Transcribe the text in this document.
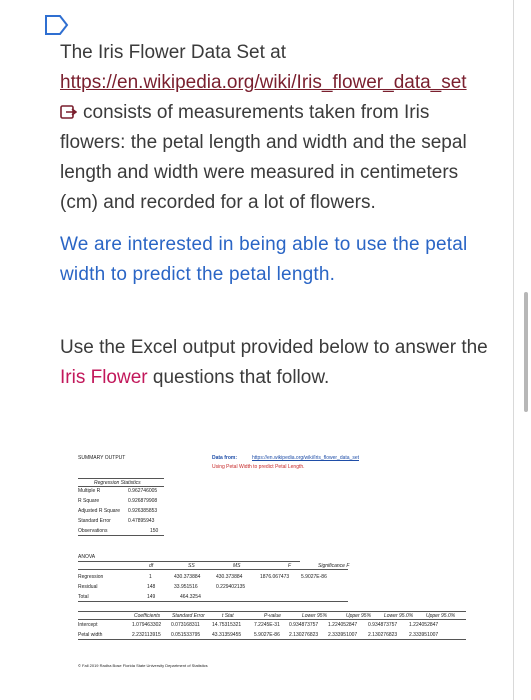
The Iris Flower Data Set at
https://en.wikipedia.org/wiki/Iris_flower_data_set
consists of measurements taken from Iris flowers: the petal length and width and the sepal length and width were measured in centimeters (cm) and recorded for a lot of flowers.
We are interested in being able to use the petal width to predict the petal length.
Use the Excel output provided below to answer the Iris Flower questions that follow.
SUMMARY OUTPUT	Data from:	https://en.wikipedia.org/wiki/Iris_flower_data_set
Using Petal Width to predict Petal Length.
Regression Statistics
Multiple R	0.962746005
R Square	0.926879908
Adjusted R Square 0.926385853
Standard Error	0.47895943
Observations	150
ANOVA
df	SS	MS	F	Significance F
Regression	1	430.373884	430.373884	1876.067473 5.9027E-86
Residual	148	33.951516	0.229402135
Total	149	464.3254
Coefficients Standard Error	t Stat	P-value	Lower 95%	Upper 95%	Lower 95.0%	Upper 95.0%
Intercept	1.079463302 0.073168311 14.75315321	7.2245E-31 0.934873757 1.224052847 0.934873757 1.224052847
Petal width	2.232113915 0.051533795 43.31359455	5.9027E-86 2.130276823 2.333951007 2.130276823 2.333951007
© Fall 2019 Radha Bose Florida State University Department of Statistics
